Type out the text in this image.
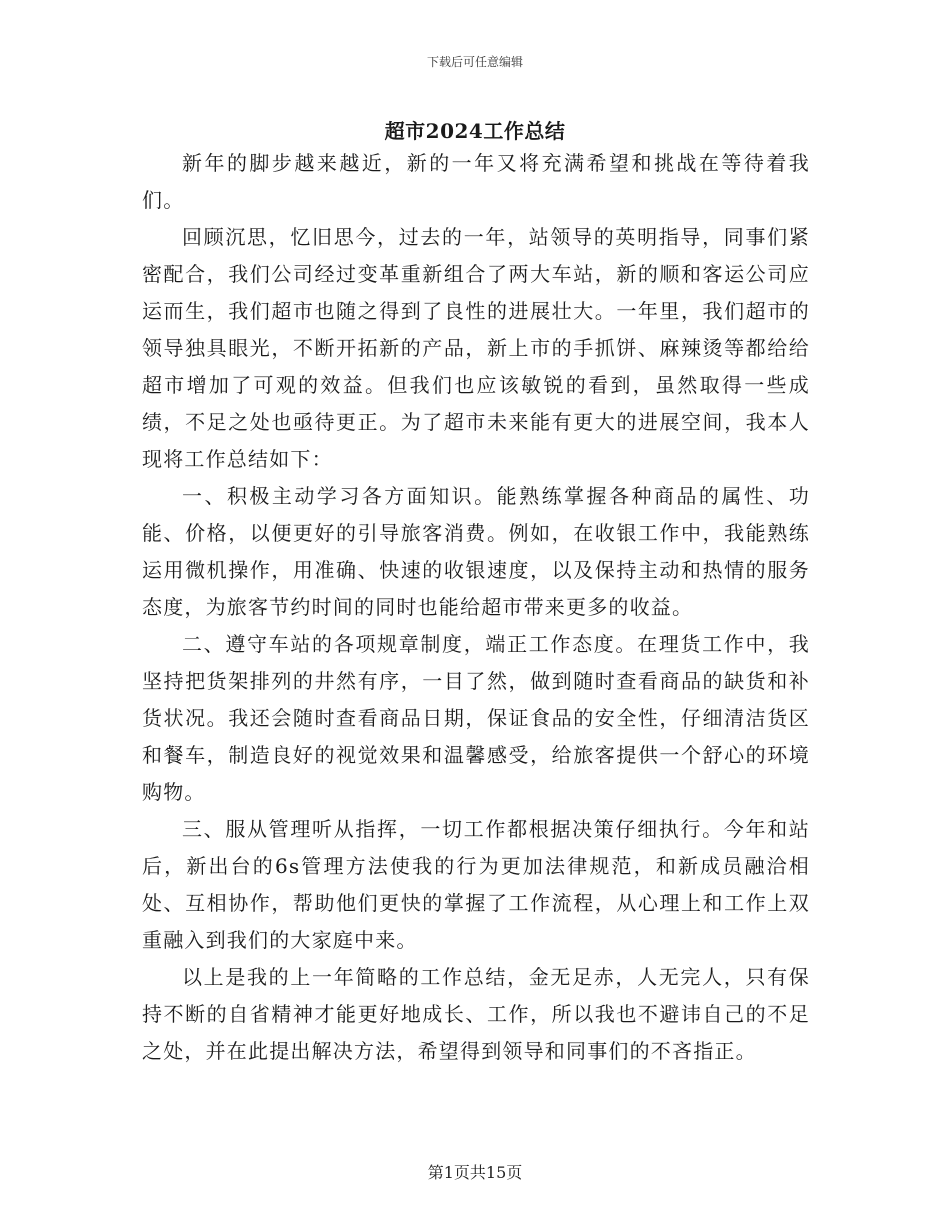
下载后可任意编辑
超市2024工作总结

新年的脚步越来越近，新的一年又将充满希望和挑战在等待着我们。

回顾沉思，忆旧思今，过去的一年，站领导的英明指导，同事们紧密配合，我们公司经过变革重新组合了两大车站，新的顺和客运公司应运而生，我们超市也随之得到了良性的进展壮大。一年里，我们超市的领导独具眼光，不断开拓新的产品，新上市的手抓饼、麻辣烫等都给给超市增加了可观的效益。但我们也应该敏锐的看到，虽然取得一些成绩，不足之处也亟待更正。为了超市未来能有更大的进展空间，我本人现将工作总结如下：

一、积极主动学习各方面知识。能熟练掌握各种商品的属性、功能、价格，以便更好的引导旅客消费。例如，在收银工作中，我能熟练运用微机操作，用准确、快速的收银速度，以及保持主动和热情的服务态度，为旅客节约时间的同时也能给超市带来更多的收益。

二、遵守车站的各项规章制度，端正工作态度。在理货工作中，我坚持把货架排列的井然有序，一目了然，做到随时查看商品的缺货和补货状况。我还会随时查看商品日期，保证食品的安全性，仔细清洁货区和餐车，制造良好的视觉效果和温馨感受，给旅客提供一个舒心的环境购物。

三、服从管理听从指挥，一切工作都根据决策仔细执行。今年和站后，新出台的6s管理方法使我的行为更加法律规范，和新成员融洽相处、互相协作，帮助他们更快的掌握了工作流程，从心理上和工作上双重融入到我们的大家庭中来。

以上是我的上一年简略的工作总结，金无足赤，人无完人，只有保持不断的自省精神才能更好地成长、工作，所以我也不避讳自己的不足之处，并在此提出解决方法，希望得到领导和同事们的不吝指正。

第1页共15页
